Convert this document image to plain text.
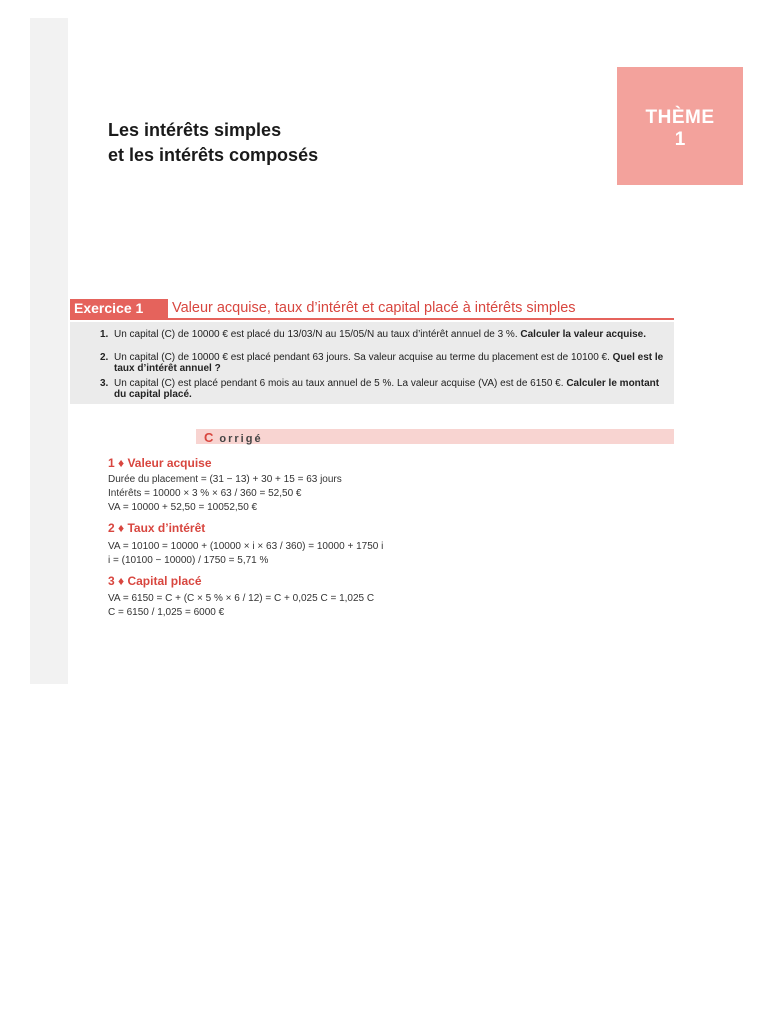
THÈME
1
Les intérêts simples
et les intérêts composés
Exercice 1	Valeur acquise, taux d’intérêt et capital placé à intérêts simples
1. Un capital (C) de 10000 € est placé du 13/03/N au 15/05/N au taux d’intérêt annuel de 3 %. Calculer la valeur acquise.
2. Un capital (C) de 10000 € est placé pendant 63 jours. Sa valeur acquise au terme du placement est de 10100 €. Quel est le taux d’intérêt annuel ?
3. Un capital (C) est placé pendant 6 mois au taux annuel de 5 %. La valeur acquise (VA) est de 6150 €. Calculer le montant du capital placé.
C orrigé
1 ♦ Valeur acquise
Durée du placement = (31 − 13) + 30 + 15 = 63 jours
Intérêts = 10000 × 3 % × 63 / 360 = 52,50 €
VA = 10000 + 52,50 = 10052,50 €
2 ♦ Taux d’intérêt
VA = 10100 = 10000 + (10000 × i × 63 / 360) = 10000 + 1750 i
i = (10100 − 10000) / 1750 = 5,71 %
3 ♦ Capital placé
VA = 6150 = C + (C × 5 % × 6 / 12) = C + 0,025 C = 1,025 C
C = 6150 / 1,025 = 6000 €
